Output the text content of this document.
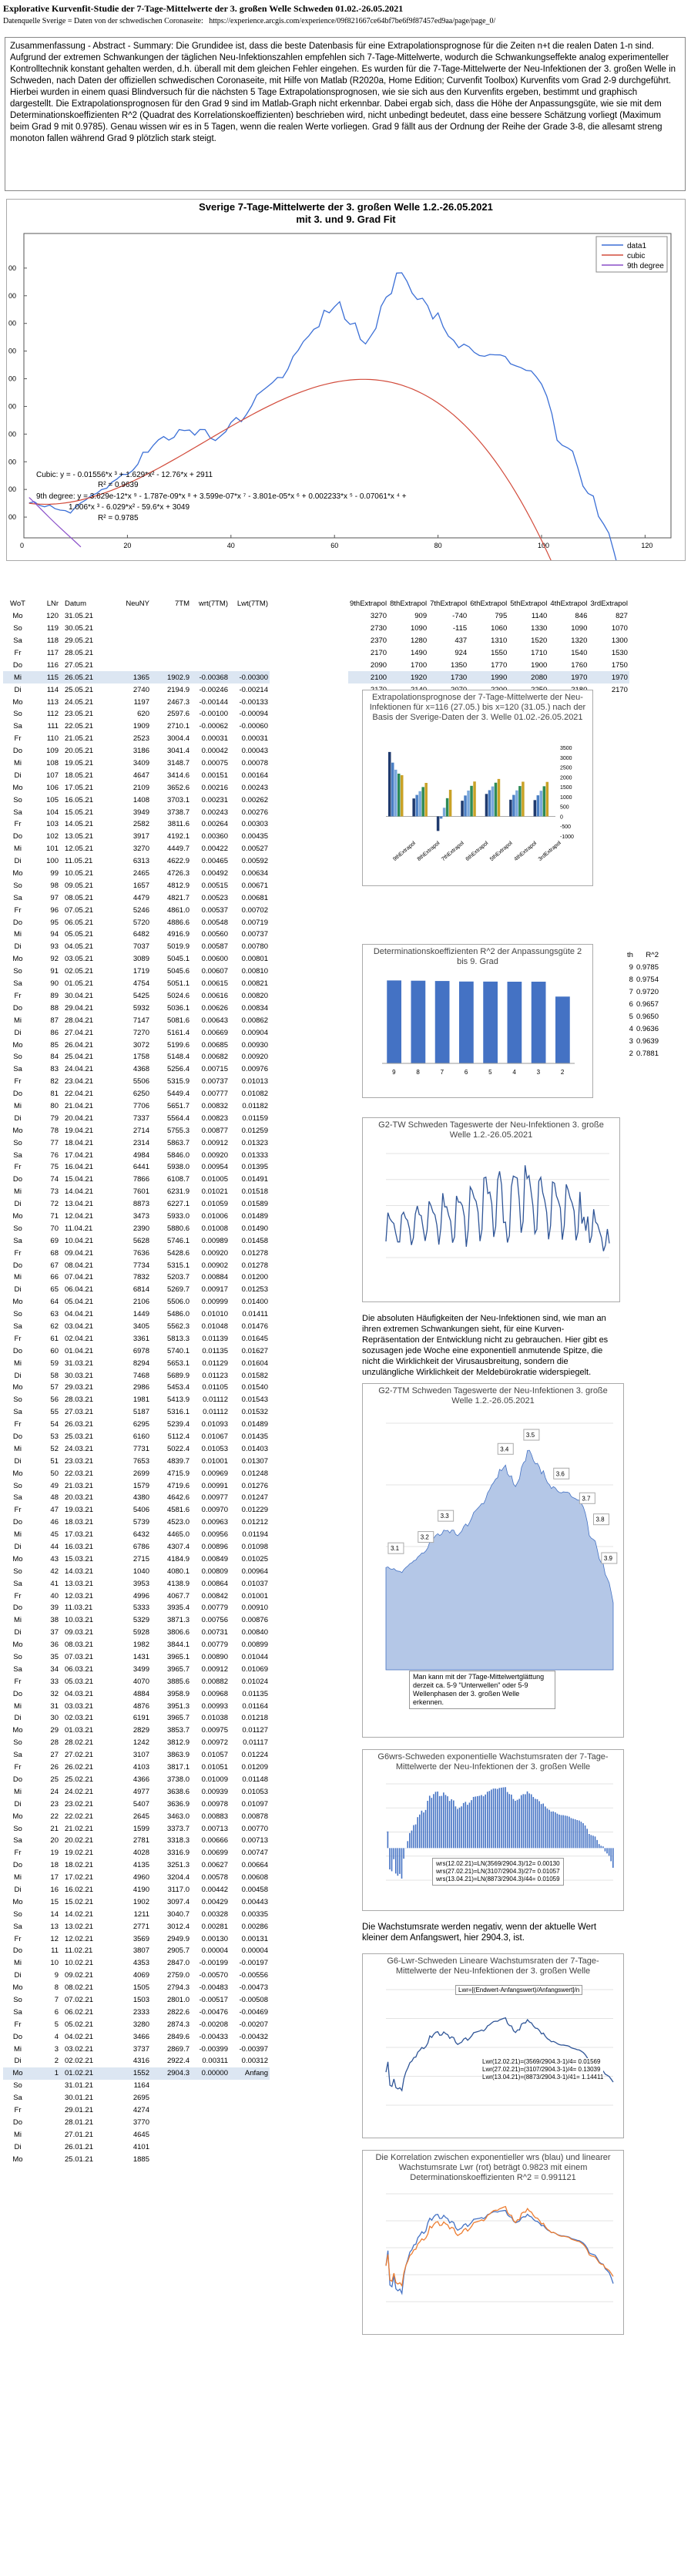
Explorative Kurvenfit-Studie der 7-Tage-Mittelwerte der 3. großen Welle Schweden 01.02.-26.05.2021
Datenquelle Sverige = Daten von der schwedischen Coronaseite: https://experience.arcgis.com/experience/09f821667ce64bf7be6f9f87457ed9aa/page/page_0/
Zusammenfassung - Abstract - Summary: Die Grundidee ist, dass die beste Datenbasis für eine Extrapolationsprognose für die Zeiten n+t die realen Daten 1-n sind. Aufgrund der extremen Schwankungen der täglichen Neu-Infektionszahlen empfehlen sich 7-Tage-Mittelwerte, wodurch die Schwankungseffekte analog experimenteller Kontrolltechnik konstant gehalten werden, d.h. überall mit dem gleichen Fehler eingehen. Es wurden für die 7-Tage-Mittelwerte der Neu-Infektionen der 3. großen Welle in Schweden, nach Daten der offiziellen schwedischen Coronaseite, mit Hilfe von Matlab (R2020a, Home Edition; Curvenfit Toolbox) Kurvenfits vom Grad 2-9 durchgeführt. Hierbei wurden in einem quasi Blindversuch für die nächsten 5 Tage Extrapolationsprognosen, wie sie sich aus den Kurvenfits ergeben, bestimmt und graphisch dargestellt. Die Extrapolationsprognosen für den Grad 9 sind im Matlab-Graph nicht erkennbar. Dabei ergab sich, dass die Höhe der Anpassungsgüte, wie sie mit dem Determinationskoeffizienten R^2 (Quadrat des Korrelationskoeffizienten) beschrieben wird, nicht unbedingt bedeutet, dass eine bessere Schätzung vorliegt (Maximum beim Grad 9 mit 0.9785). Genau wissen wir es in 5 Tagen, wenn die realen Werte vorliegen. Grad 9 fällt aus der Ordnung der Reihe der Grade 3-8, die allesamt streng monoton fallen während Grad 9 plötzlich stark steigt.
Sverige 7-Tage-Mittelwerte der 3. großen Welle 1.2.-26.05.2021
mit 3. und 9. Grad Fit
00
00
00
00
00
00
00
00
00
00
0	20	40	60	80	100	120
data1
cubic
9th degree
Cubic: y = - 0.01556*x ³ + 1.629*x² - 12.76*x + 2911
R² = 0.9639
9th degree: y = 3.629e-12*x ⁹ - 1.787e-09*x ⁸ + 3.599e-07*x ⁷ - 3.801e-05*x ⁶ + 0.002233*x ⁵ - 0.07061*x ⁴ +
1.006*x ³ - 6.029*x² - 59.6*x + 3049
R² = 0.9785
WoT	LNr	Datum	NeuNY	7TM	wrt(7TM)	Lwt(7TM)
Mo	120	31.05.21				
So	119	30.05.21				
Sa	118	29.05.21				
Fr	117	28.05.21				
Do	116	27.05.21				
Mi	115	26.05.21	1365	1902.9	-0.00368	-0.00300
Di	114	25.05.21	2740	2194.9	-0.00246	-0.00214
Mo	113	24.05.21	1197	2467.3	-0.00144	-0.00133
So	112	23.05.21	620	2597.6	-0.00100	-0.00094
Sa	111	22.05.21	1909	2710.1	-0.00062	-0.00060
Fr	110	21.05.21	2523	3004.4	0.00031	0.00031
Do	109	20.05.21	3186	3041.4	0.00042	0.00043
Mi	108	19.05.21	3409	3148.7	0.00075	0.00078
Di	107	18.05.21	4647	3414.6	0.00151	0.00164
Mo	106	17.05.21	2109	3652.6	0.00216	0.00243
So	105	16.05.21	1408	3703.1	0.00231	0.00262
Sa	104	15.05.21	3949	3738.7	0.00243	0.00276
Fr	103	14.05.21	2582	3811.6	0.00264	0.00303
Do	102	13.05.21	3917	4192.1	0.00360	0.00435
Mi	101	12.05.21	3270	4449.7	0.00422	0.00527
Di	100	11.05.21	6313	4622.9	0.00465	0.00592
Mo	99	10.05.21	2465	4726.3	0.00492	0.00634
So	98	09.05.21	1657	4812.9	0.00515	0.00671
Sa	97	08.05.21	4479	4821.7	0.00523	0.00681
Fr	96	07.05.21	5246	4861.0	0.00537	0.00702
Do	95	06.05.21	5720	4886.6	0.00548	0.00719
Mi	94	05.05.21	6482	4916.9	0.00560	0.00737
Di	93	04.05.21	7037	5019.9	0.00587	0.00780
Mo	92	03.05.21	3089	5045.1	0.00600	0.00801
So	91	02.05.21	1719	5045.6	0.00607	0.00810
Sa	90	01.05.21	4754	5051.1	0.00615	0.00821
Fr	89	30.04.21	5425	5024.6	0.00616	0.00820
Do	88	29.04.21	5932	5036.1	0.00626	0.00834
Mi	87	28.04.21	7147	5081.6	0.00643	0.00862
Di	86	27.04.21	7270	5161.4	0.00669	0.00904
Mo	85	26.04.21	3072	5199.6	0.00685	0.00930
So	84	25.04.21	1758	5148.4	0.00682	0.00920
Sa	83	24.04.21	4368	5256.4	0.00715	0.00976
Fr	82	23.04.21	5506	5315.9	0.00737	0.01013
Do	81	22.04.21	6250	5449.4	0.00777	0.01082
Mi	80	21.04.21	7706	5651.7	0.00832	0.01182
Di	79	20.04.21	7337	5564.4	0.00823	0.01159
Mo	78	19.04.21	2714	5755.3	0.00877	0.01259
So	77	18.04.21	2314	5863.7	0.00912	0.01323
Sa	76	17.04.21	4984	5846.0	0.00920	0.01333
Fr	75	16.04.21	6441	5938.0	0.00954	0.01395
Do	74	15.04.21	7866	6108.7	0.01005	0.01491
Mi	73	14.04.21	7601	6231.9	0.01021	0.01518
Di	72	13.04.21	8873	6227.1	0.01059	0.01589
Mo	71	12.04.21	3473	5933.0	0.01006	0.01489
So	70	11.04.21	2390	5880.6	0.01008	0.01490
Sa	69	10.04.21	5628	5746.1	0.00989	0.01458
Fr	68	09.04.21	7636	5428.6	0.00920	0.01278
Do	67	08.04.21	7734	5315.1	0.00902	0.01278
Mi	66	07.04.21	7832	5203.7	0.00884	0.01200
Di	65	06.04.21	6814	5269.7	0.00917	0.01253
Mo	64	05.04.21	2106	5506.0	0.00999	0.01400
So	63	04.04.21	1449	5486.0	0.01010	0.01411
Sa	62	03.04.21	3405	5562.3	0.01048	0.01476
Fr	61	02.04.21	3361	5813.3	0.01139	0.01645
Do	60	01.04.21	6978	5740.1	0.01135	0.01627
Mi	59	31.03.21	8294	5653.1	0.01129	0.01604
Di	58	30.03.21	7468	5689.9	0.01123	0.01582
Mo	57	29.03.21	2986	5453.4	0.01105	0.01540
So	56	28.03.21	1981	5413.9	0.01112	0.01543
Sa	55	27.03.21	5187	5316.1	0.01112	0.01532
Fr	54	26.03.21	6295	5239.4	0.01093	0.01489
Do	53	25.03.21	6160	5112.4	0.01067	0.01435
Mi	52	24.03.21	7731	5022.4	0.01053	0.01403
Di	51	23.03.21	7653	4839.7	0.01001	0.01307
Mo	50	22.03.21	2699	4715.9	0.00969	0.01248
So	49	21.03.21	1579	4719.6	0.00991	0.01276
Sa	48	20.03.21	4380	4642.6	0.00977	0.01247
Fr	47	19.03.21	5406	4581.6	0.00970	0.01229
Do	46	18.03.21	5739	4523.0	0.00963	0.01212
Mi	45	17.03.21	6432	4465.0	0.00956	0.01194
Di	44	16.03.21	6786	4307.4	0.00896	0.01098
Mo	43	15.03.21	2715	4184.9	0.00849	0.01025
So	42	14.03.21	1040	4080.1	0.00809	0.00964
Sa	41	13.03.21	3953	4138.9	0.00864	0.01037
Fr	40	12.03.21	4996	4067.7	0.00842	0.01001
Do	39	11.03.21	5333	3935.4	0.00779	0.00910
Mi	38	10.03.21	5329	3871.3	0.00756	0.00876
Di	37	09.03.21	5928	3806.6	0.00731	0.00840
Mo	36	08.03.21	1982	3844.1	0.00779	0.00899
So	35	07.03.21	1431	3965.1	0.00890	0.01044
Sa	34	06.03.21	3499	3965.7	0.00912	0.01069
Fr	33	05.03.21	4070	3885.6	0.00882	0.01024
Do	32	04.03.21	4884	3958.9	0.00968	0.01135
Mi	31	03.03.21	4876	3951.3	0.00993	0.01164
Di	30	02.03.21	6191	3965.7	0.01038	0.01218
Mo	29	01.03.21	2829	3853.7	0.00975	0.01127
So	28	28.02.21	1242	3812.9	0.00972	0.01117
Sa	27	27.02.21	3107	3863.9	0.01057	0.01224
Fr	26	26.02.21	4103	3817.1	0.01051	0.01209
Do	25	25.02.21	4366	3738.0	0.01009	0.01148
Mi	24	24.02.21	4977	3638.6	0.00939	0.01053
Di	23	23.02.21	5407	3636.9	0.00978	0.01097
Mo	22	22.02.21	2645	3463.0	0.00883	0.00878
So	21	21.02.21	1599	3373.7	0.00713	0.00770
Sa	20	20.02.21	2781	3318.3	0.00666	0.00713
Fr	19	19.02.21	4028	3316.9	0.00699	0.00747
Do	18	18.02.21	4135	3251.3	0.00627	0.00664
Mi	17	17.02.21	4960	3204.4	0.00578	0.00608
Di	16	16.02.21	4190	3117.0	0.00442	0.00458
Mo	15	15.02.21	1902	3097.4	0.00429	0.00443
So	14	14.02.21	1211	3040.7	0.00328	0.00335
Sa	13	13.02.21	2771	3012.4	0.00281	0.00286
Fr	12	12.02.21	3569	2949.9	0.00130	0.00131
Do	11	11.02.21	3807	2905.7	0.00004	0.00004
Mi	10	10.02.21	4353	2847.0	-0.00199	-0.00197
Di	9	09.02.21	4069	2759.0	-0.00570	-0.00556
Mo	8	08.02.21	1505	2794.3	-0.00483	-0.00473
So	7	07.02.21	1503	2801.0	-0.00517	-0.00508
Sa	6	06.02.21	2333	2822.6	-0.00476	-0.00469
Fr	5	05.02.21	3280	2874.3	-0.00208	-0.00207
Do	4	04.02.21	3466	2849.6	-0.00433	-0.00432
Mi	3	03.02.21	3737	2869.7	-0.00399	-0.00397
Di	2	02.02.21	4316	2922.4	0.00311	0.00312
Mo	1	01.02.21	1552	2904.3	0.00000	Anfang
So		31.01.21	1164			
Sa		30.01.21	2695			
Fr		29.01.21	4274			
Do		28.01.21	3770			
Mi		27.01.21	4645			
Di		26.01.21	4101			
Mo		25.01.21	1885			
9thExtrapol	8thExtrapol	7thExtrapol	6thExtrapol	5thExtrapol	4thExtrapol	3rdExtrapol
3270	909	-740	795	1140	846	827
2730	1090	-115	1060	1330	1090	1070
2370	1280	437	1310	1520	1320	1300
2170	1490	924	1550	1710	1540	1530
2090	1700	1350	1770	1900	1760	1750
2100	1920	1730	1990	2080	1970	1970
						2170
Extrapolationsprognose der 7-Tage-Mittelwerte der Neu-Infektionen für x=116 (27.05.) bis x=120 (31.05.) nach der Basis der Sverige-Daten der 3. Welle 01.02.-26.05.2021
9thExtrapol 8thExtrapol 7thExtrapol 6thExtrapol 5thExtrapol 4thExtrapol 3rdExtrapol
3500
3000
2500
2000
1500
1000
500
0
-500
-1000
th	R^2
9	0.9785
8	0.9754
7	0.9720
6	0.9657
5	0.9650
4	0.9636
3	0.9639
2	0.7881
Determinationskoeffizienten R^2 der Anpassungsgüte 2 bis 9. Grad
9	8	7	6	5	4	3	2
G2-TW Schweden Tageswerte der Neu-Infektionen 3. große Welle 1.2.-26.05.2021
Die absoluten Häufigkeiten der Neu-Infektionen sind, wie man an ihren extremen Schwankungen sieht, für eine Kurven-Repräsentation der Entwicklung nicht zu gebrauchen. Hier gibt es sozusagen jede Woche eine exponentiell anmutende Spitze, die nicht die Wirklichkeit der Virusausbreitung, sondern die unzulängliche Wirklichkeit der Meldebürokratie widerspiegelt.
G2-7TM Schweden Tageswerte der Neu-Infektionen 3. große Welle 1.2.-26.05.2021
3.1
3.2
3.3
3.4
3.5
3.6
3.7
3.8
3.9
Man kann mit der 7Tage-Mittelwertglättung derzeit ca. 5-9 "Unterwellen" oder 5-9 Wellenphasen der 3. großen Welle erkennen.
G6wrs-Schweden exponentielle Wachstumsraten der 7-Tage-Mittelwerte der Neu-Infektionen der 3. großen Welle
wrs(12.02.21)=LN(3569/2904.3)/12= 0.00130
wrs(27.02.21)=LN(3107/2904.3)/27= 0.01057
wrs(13.04.21)=LN(8873/2904.3)/44= 0.01059
Die Wachstumsrate werden negativ, wenn der aktuelle Wert kleiner dem Anfangswert, hier 2904.3, ist.
G6-Lwr-Schweden Lineare Wachstumsraten der 7-Tage-Mittelwerte der Neu-Infektionen der 3. großen Welle
Lwr=[(Endwert-Anfangswert)/Anfangswert]/n
Lwr(12.02.21)=(3569/2904.3-1)/4= 0.01569
Lwr(27.02.21)=(3107/2904.3-1)/4= 0.13039
Lwr(13.04.21)=(8873/2904.3-1)/41= 1.14411
Die Korrelation zwischen exponentieller wrs (blau) und linearer Wachstumsrate Lwr (rot) beträgt 0.9823 mit einem Determinationskoeffizienten R^2 = 0.991121
